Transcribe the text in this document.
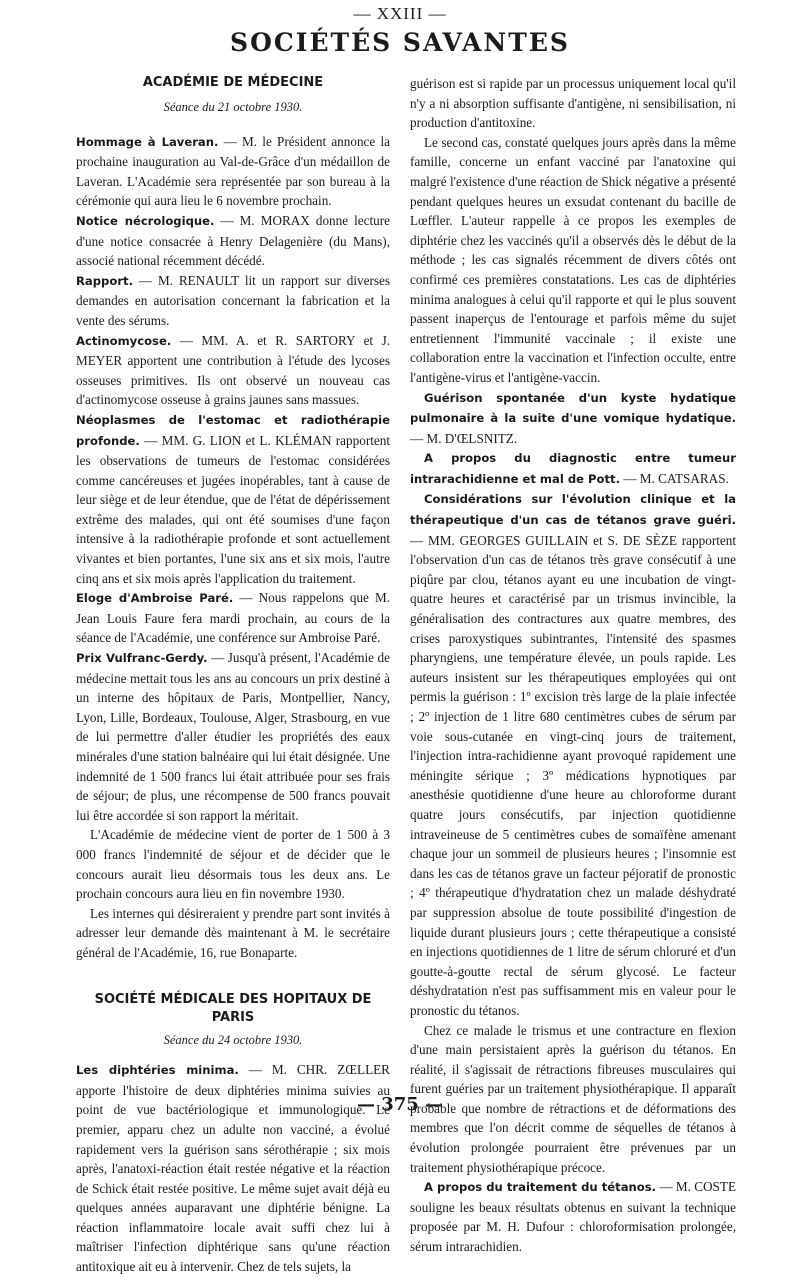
— XXIII —
SOCIÉTÉS SAVANTES
ACADÉMIE DE MÉDECINE
Séance du 21 octobre 1930.

Hommage à Laveran. — M. le Président annonce la prochaine inauguration au Val-de-Grâce d'un médaillon de Laveran. L'Académie sera représentée par son bureau à la cérémonie qui aura lieu le 6 novembre prochain.

Notice nécrologique. — M. MORAX donne lecture d'une notice consacrée à Henry Delagenière (du Mans), associé national récemment décédé.

Rapport. — M. RENAULT lit un rapport sur diverses demandes en autorisation concernant la fabrication et la vente des sérums.

Actinomycose. — MM. A. et R. SARTORY et J. MEYER apportent une contribution à l'étude des lycoses osseuses primitives. Ils ont observé un nouveau cas d'actinomycose osseuse à grains jaunes sans massues.

Néoplasmes de l'estomac et radiothérapie profonde. — MM. G. LION et L. KLÉMAN rapportent les observations de tumeurs de l'estomac considérées comme cancéreuses et jugées inopérables, tant à cause de leur siège et de leur étendue, que de l'état de dépérissement extrême des malades, qui ont été soumises d'une façon intensive à la radiothérapie profonde et sont actuellement vivantes et bien portantes, l'une six ans et six mois, l'autre cinq ans et six mois après l'application du traitement.

Eloge d'Ambroise Paré. — Nous rappelons que M. Jean Louis Faure fera mardi prochain, au cours de la séance de l'Académie, une conférence sur Ambroise Paré.

Prix Vulfranc-Gerdy. — Jusqu'à présent, l'Académie de médecine mettait tous les ans au concours un prix destiné à un interne des hôpitaux de Paris, Montpellier, Nancy, Lyon, Lille, Bordeaux, Toulouse, Alger, Strasbourg, en vue de lui permettre d'aller étudier les propriétés des eaux minérales d'une station balnéaire qui lui était désignée. Une indemnité de 1 500 francs lui était attribuée pour ses frais de séjour; de plus, une récompense de 500 francs pouvait lui être accordée si son rapport la méritait.

L'Académie de médecine vient de porter de 1 500 à 3 000 francs l'indemnité de séjour et de décider que le concours aurait lieu désormais tous les deux ans. Le prochain concours aura lieu en fin novembre 1930.

Les internes qui désireraient y prendre part sont invités à adresser leur demande dès maintenant à M. le secrétaire général de l'Académie, 16, rue Bonaparte.

SOCIÉTÉ MÉDICALE DES HOPITAUX DE PARIS
Séance du 24 octobre 1930.

Les diphtéries minima. — M. CHR. ZŒLLER apporte l'histoire de deux diphtéries minima suivies au point de vue bactériologique et immunologique. Le premier, apparu chez un adulte non vacciné, a évolué rapidement vers la guérison sans sérothérapie ; six mois après, l'anatoxi-réaction était restée négative et la réaction de Schick était restée positive. Le même sujet avait déjà eu quelques années auparavant une diphtérie bénigne. La réaction inflammatoire locale avait suffi chez lui à maîtriser l'infection diphtérique sans qu'une réaction antitoxique ait eu à intervenir. Chez de tels sujets, la

guérison est si rapide par un processus uniquement local qu'il n'y a ni absorption suffisante d'antigène, ni sensibilisation, ni production d'antitoxine.

Le second cas, constaté quelques jours après dans la même famille, concerne un enfant vacciné par l'anatoxine qui malgré l'existence d'une réaction de Shick négative a présenté pendant quelques heures un exsudat contenant du bacille de Lœffler. L'auteur rappelle à ce propos les exemples de diphtérie chez les vaccinés qu'il a observés dès le début de la méthode ; les cas signalés récemment de divers côtés ont confirmé ces premières constatations. Les cas de diphtéries minima analogues à celui qu'il rapporte et qui le plus souvent passent inaperçus de l'entourage et parfois même du sujet entretiennent l'immunité vaccinale ; il existe une collaboration entre la vaccination et l'infection occulte, entre l'antigène-virus et l'antigène-vaccin.

Guérison spontanée d'un kyste hydatique pulmonaire à la suite d'une vomique hydatique. — M. D'ŒLSNITZ.

A propos du diagnostic entre tumeur intrarachidienne et mal de Pott. — M. CATSARAS.

Considérations sur l'évolution clinique et la thérapeutique d'un cas de tétanos grave guéri. — MM. GEORGES GUILLAIN et S. DE SÈZE rapportent l'observation d'un cas de tétanos très grave consécutif à une piqûre par clou, tétanos ayant eu une incubation de vingt-quatre heures et caractérisé par un trismus invincible, la généralisation des contractures aux quatre membres, des crises paroxystiques subintrantes, l'intensité des spasmes pharyngiens, une température élevée, un pouls rapide. Les auteurs insistent sur les thérapeutiques employées qui ont permis la guérison : 1º excision très large de la plaie infectée ; 2º injection de 1 litre 680 centimètres cubes de sérum par voie sous-cutanée en vingt-cinq jours de traitement, l'injection intra-rachidienne ayant provoqué rapidement une méningite sérique ; 3º médications hypnotiques par anesthésie quotidienne d'une heure au chloroforme durant quatre jours consécutifs, par injection quotidienne intraveineuse de 5 centimètres cubes de somaïfène amenant chaque jour un sommeil de plusieurs heures ; l'insomnie est dans les cas de tétanos grave un facteur péjoratif de pronostic ; 4º thérapeutique d'hydratation chez un malade déshydraté par suppression absolue de toute possibilité d'ingestion de liquide durant plusieurs jours ; cette thérapeutique a consisté en injections quotidiennes de 1 litre de sérum chloruré et d'un goutte-à-goutte rectal de sérum glycosé. Le facteur déshydratation n'est pas suffisamment mis en valeur pour le pronostic du tétanos.

Chez ce malade le trismus et une contracture en flexion d'une main persistaient après la guérison du tétanos. En réalité, il s'agissait de rétractions fibreuses musculaires qui furent guéries par un traitement physiothérapique. Il apparaît probable que nombre de rétractions et de déformations des membres que l'on décrit comme de séquelles de tétanos à évolution prolongée pourraient être prévenues par un traitement physiothérapique précoce.

A propos du traitement du tétanos. — M. COSTE souligne les beaux résultats obtenus en suivant la technique proposée par M. H. Dufour : chloroformisation prolongée, sérum intrarachidien.

— 375 —
